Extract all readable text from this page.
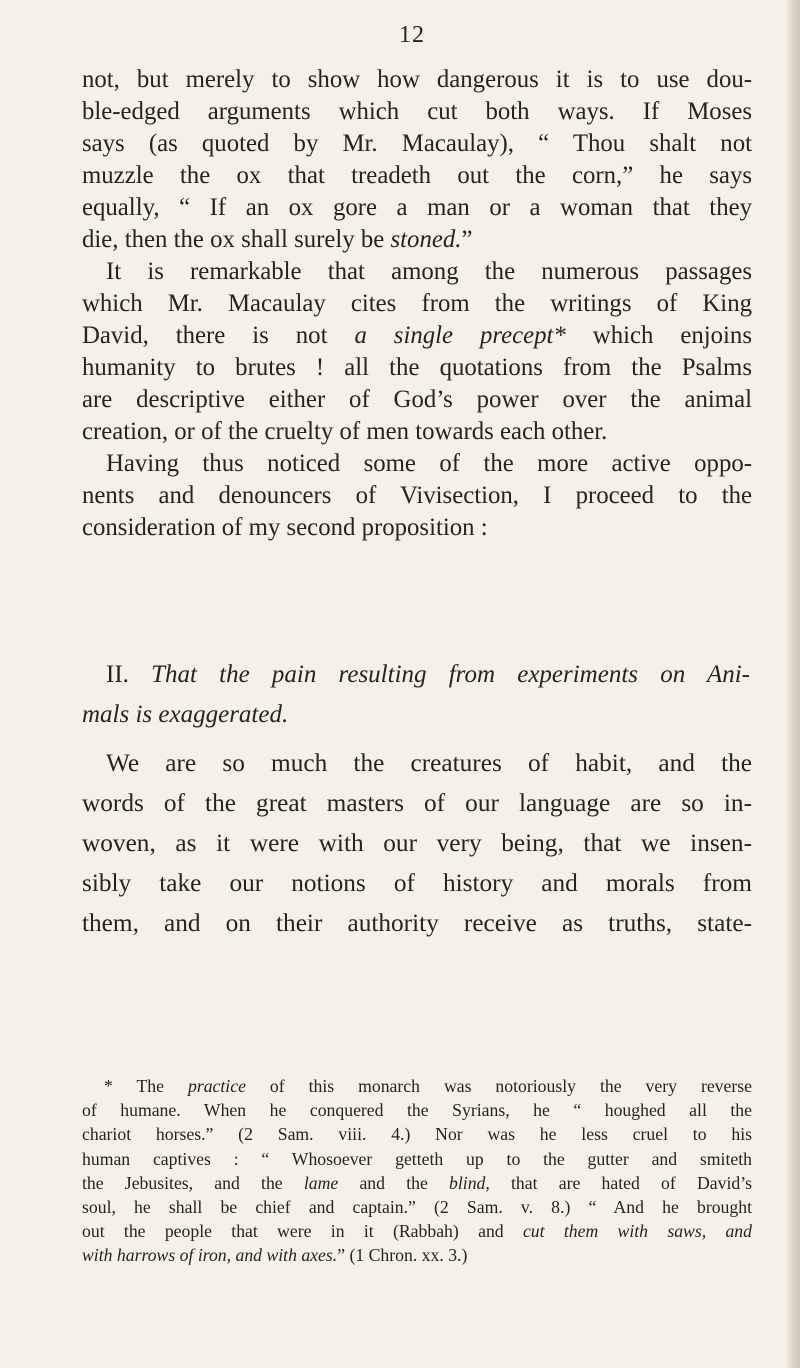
12
not, but merely to show how dangerous it is to use dou-
ble-edged arguments which cut both ways. If Moses
says (as quoted by Mr. Macaulay), “ Thou shalt not
muzzle the ox that treadeth out the corn,” he says
equally, “ If an ox gore a man or a woman that they
die, then the ox shall surely be stoned.”
It is remarkable that among the numerous passages
which Mr. Macaulay cites from the writings of King
David, there is not a single precept* which enjoins
humanity to brutes ! all the quotations from the Psalms
are descriptive either of God’s power over the animal
creation, or of the cruelty of men towards each other.
Having thus noticed some of the more active oppo-
nents and denouncers of Vivisection, I proceed to the
consideration of my second proposition :
II. That the pain resulting from experiments on Ani-
mals is exaggerated.
We are so much the creatures of habit, and the
words of the great masters of our language are so in-
woven, as it were with our very being, that we insen-
sibly take our notions of history and morals from
them, and on their authority receive as truths, state-
* The practice of this monarch was notoriously the very reverse
of humane. When he conquered the Syrians, he “ houghed all the
chariot horses.” (2 Sam. viii. 4.) Nor was he less cruel to his
human captives : “ Whosoever getteth up to the gutter and smiteth
the Jebusites, and the lame and the blind, that are hated of David’s
soul, he shall be chief and captain.” (2 Sam. v. 8.) “ And he brought
out the people that were in it (Rabbah) and cut them with saws, and
with harrows of iron, and with axes.” (1 Chron. xx. 3.)
